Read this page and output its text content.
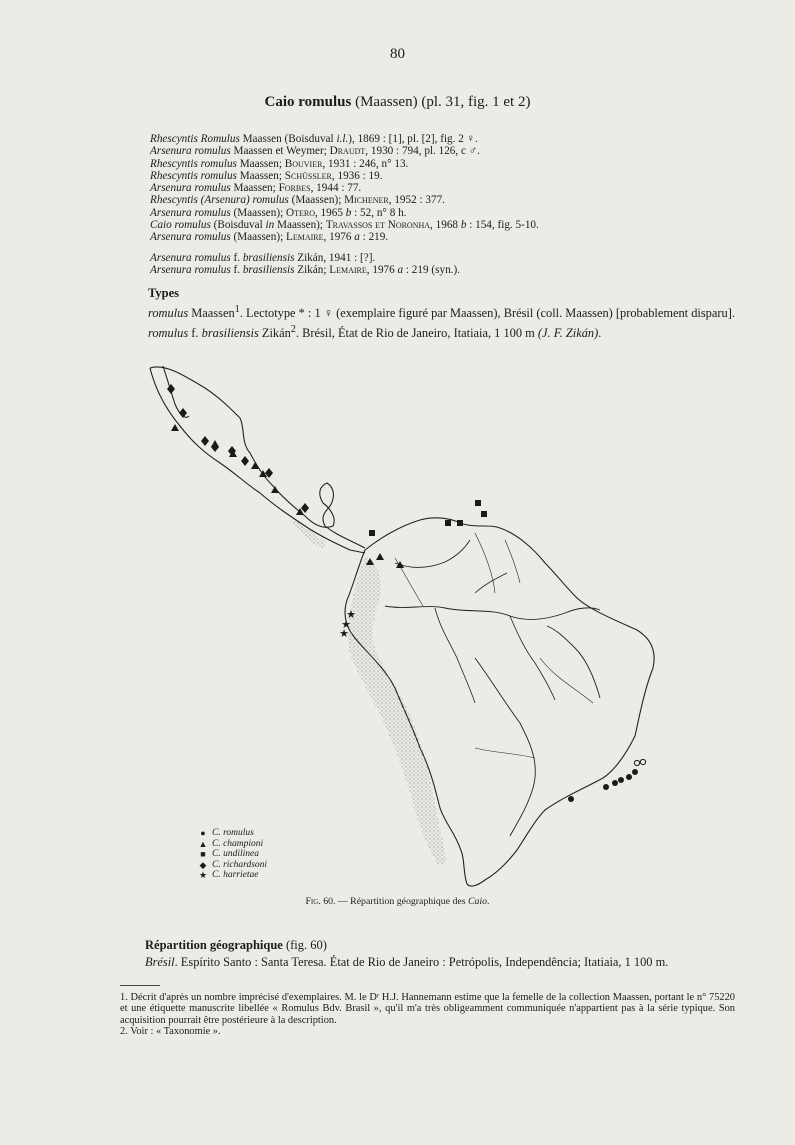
80
Caio romulus (Maassen) (pl. 31, fig. 1 et 2)
Rhescyntis Romulus Maassen (Boisduval i.l.), 1869 : [1], pl. [2], fig. 2 ♀.
Arsenura romulus Maassen et Weymer; Draudt, 1930 : 794, pl. 126, c ♂.
Rhescyntis romulus Maassen; Bouvier, 1931 : 246, n° 13.
Rhescyntis romulus Maassen; Schüssler, 1936 : 19.
Arsenura romulus Maassen; Forbes, 1944 : 77.
Rhescyntis (Arsenura) romulus (Maassen); Michener, 1952 : 377.
Arsenura romulus (Maassen); Otero, 1965 b : 52, n° 8 h.
Caio romulus (Boisduval in Maassen); Travassos et Noronha, 1968 b : 154, fig. 5-10.
Arsenura romulus (Maassen); Lemaire, 1976 a : 219.
Arsenura romulus f. brasiliensis Zikán, 1941 : [?].
Arsenura romulus f. brasiliensis Zikán; Lemaire, 1976 a : 219 (syn.).
Types

romulus Maassen$^1$. Lectotype * : 1 ♀ (exemplaire figuré par Maassen), Brésil (coll. Maassen) [probablement disparu].

romulus f. brasiliensis Zikán$^2$. Brésil, État de Rio de Janeiro, Itatiaia, 1 100 m (J. F. Zikán).

★
★
★
● C. romulus
▲ C. championi
■ C. undilinea
◆ C. richardsoni
★ C. harrietae
Fig. 60. — Répartition géographique des Caio.
Répartition géographique (fig. 60)
Brésil. Espírito Santo : Santa Teresa. État de Rio de Janeiro : Petrópolis, Independência; Itatiaia, 1 100 m.

1. Décrit d'après un nombre imprécisé d'exemplaires. M. le Dʳ H.J. Hannemann estime que la femelle de la collection Maassen, portant le n° 75220 et une étiquette manuscrite libellée « Romulus Bdv. Brasil », qu'il m'a très obligeamment communiquée n'appartient pas à la série typique. Son acquisition pourrait être postérieure à la description.

2. Voir : « Taxonomie ».
